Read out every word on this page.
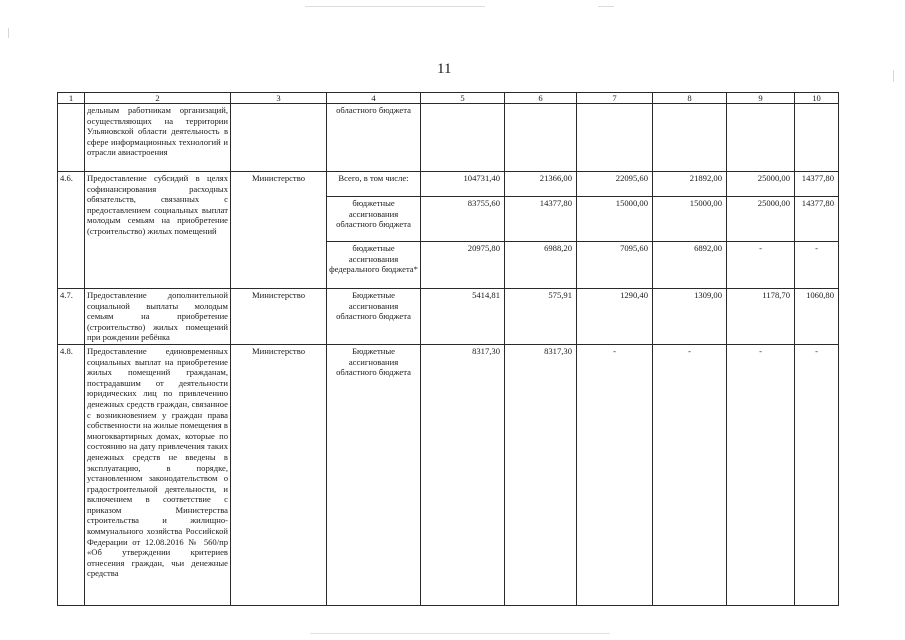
11
1	2	3	4	5	6	7	8	9	10
	дельным работникам организаций, осуществляющих на территории Ульяновской области деятельность в сфере информационных технологий и отрасли авиастроения		областного бюджета						
4.6.	Предоставление субсидий в целях софинансирования расходных обязательств, связанных с предоставлением социальных выплат молодым семьям на приобретение (строительство) жилых помещений	Министерство	Всего, в том числе:	104731,40	21366,00	22095,60	21892,00	25000,00	14377,80
			бюджетные ассигнования областного бюджета	83755,60	14377,80	15000,00	15000,00	25000,00	14377,80
			бюджетные ассигнования федерального бюджета*	20975,80	6988,20	7095,60	6892,00	-	-
4.7.	Предоставление дополнительной социальной выплаты молодым семьям на приобретение (строительство) жилых помещений при рождении ребёнка	Министерство	Бюджетные ассигнования областного бюджета	5414,81	575,91	1290,40	1309,00	1178,70	1060,80
4.8.	Предоставление единовременных социальных выплат на приобретение жилых помещений гражданам, пострадавшим от деятельности юридических лиц по привлечению денежных средств граждан, связанное с возникновением у граждан права собственности на жилые помещения в многоквартирных домах, которые по состоянию на дату привлечения таких денежных средств не введены в эксплуатацию, в порядке, установленном законодательством о градостроительной деятельности, и включением в соответствие с приказом Министерства строительства и жилищно-коммунального хозяйства Российской Федерации от 12.08.2016 № 560/пр «Об утверждении критериев отнесения граждан, чьи денежные средства	Министерство	Бюджетные ассигнования областного бюджета	8317,30	8317,30	-	-	-	-
